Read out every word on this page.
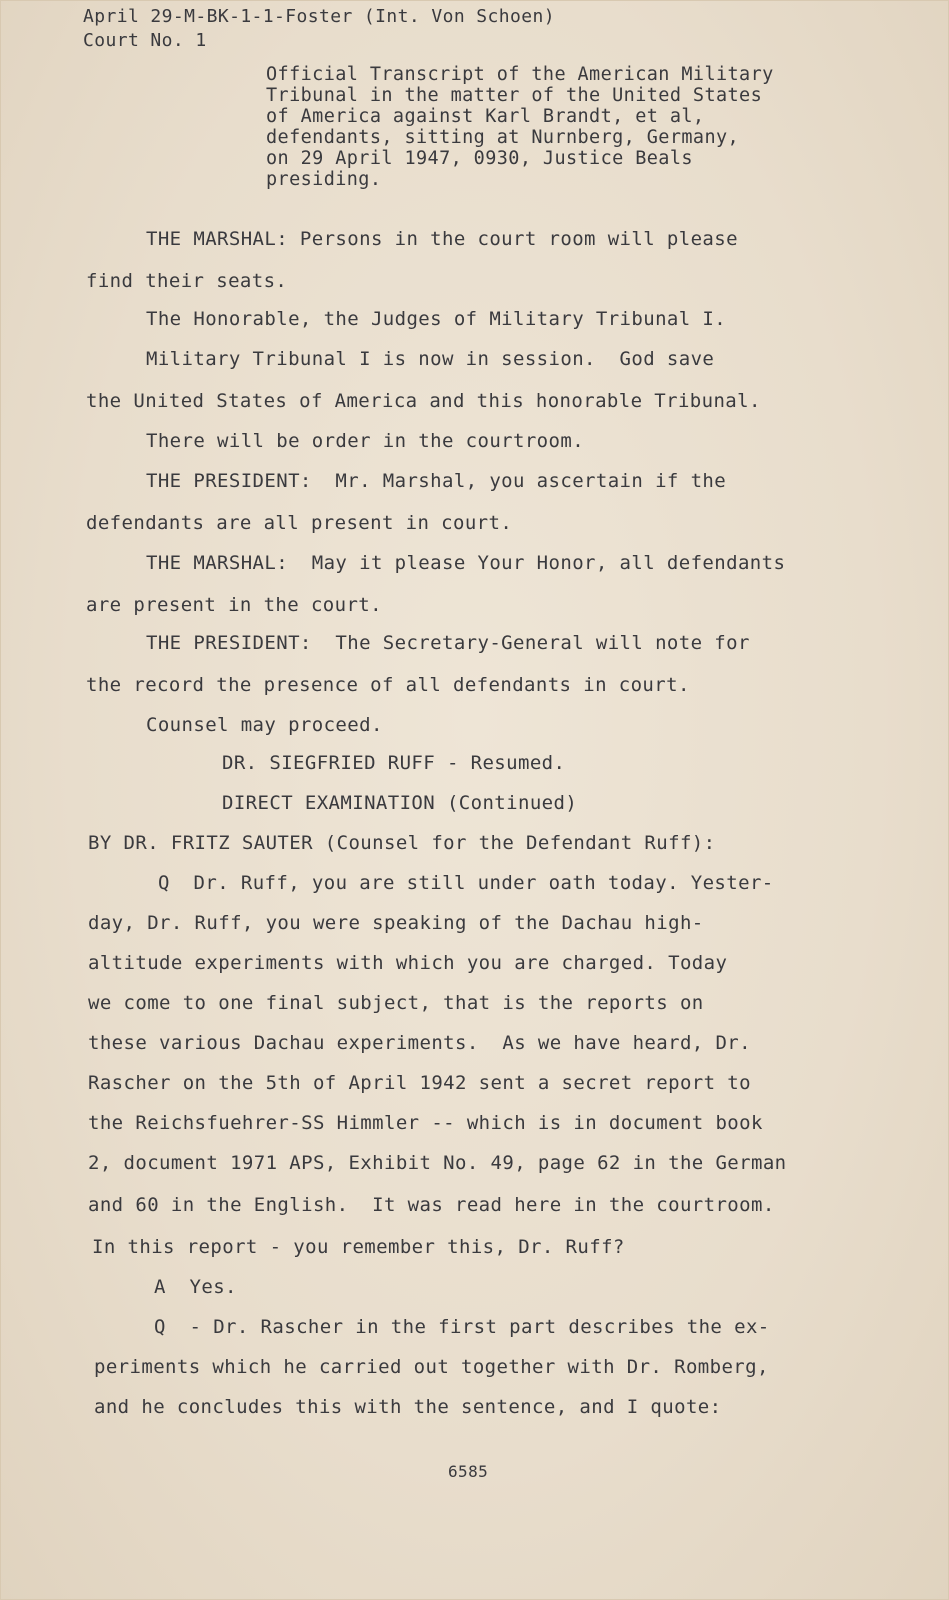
April 29-M-BK-1-1-Foster (Int. Von Schoen)
Court No. 1
Official Transcript of the American Military
Tribunal in the matter of the United States
of America against Karl Brandt, et al,
defendants, sitting at Nurnberg, Germany,
on 29 April 1947, 0930, Justice Beals
presiding.
THE MARSHAL: Persons in the court room will please
find their seats.
The Honorable, the Judges of Military Tribunal I.
Military Tribunal I is now in session.  God save
the United States of America and this honorable Tribunal.
There will be order in the courtroom.
THE PRESIDENT:  Mr. Marshal, you ascertain if the
defendants are all present in court.
THE MARSHAL:  May it please Your Honor, all defendants
are present in the court.
THE PRESIDENT:  The Secretary-General will note for
the record the presence of all defendants in court.
Counsel may proceed.
DR. SIEGFRIED RUFF - Resumed.
DIRECT EXAMINATION (Continued)
BY DR. FRITZ SAUTER (Counsel for the Defendant Ruff):
Q  Dr. Ruff, you are still under oath today. Yester-
day, Dr. Ruff, you were speaking of the Dachau high-
altitude experiments with which you are charged. Today
we come to one final subject, that is the reports on
these various Dachau experiments.  As we have heard, Dr.
Rascher on the 5th of April 1942 sent a secret report to
the Reichsfuehrer-SS Himmler -- which is in document book
2, document 1971 APS, Exhibit No. 49, page 62 in the German
and 60 in the English.  It was read here in the courtroom.
In this report - you remember this, Dr. Ruff?
A  Yes.
Q  - Dr. Rascher in the first part describes the ex-
periments which he carried out together with Dr. Romberg,
and he concludes this with the sentence, and I quote:
6585
